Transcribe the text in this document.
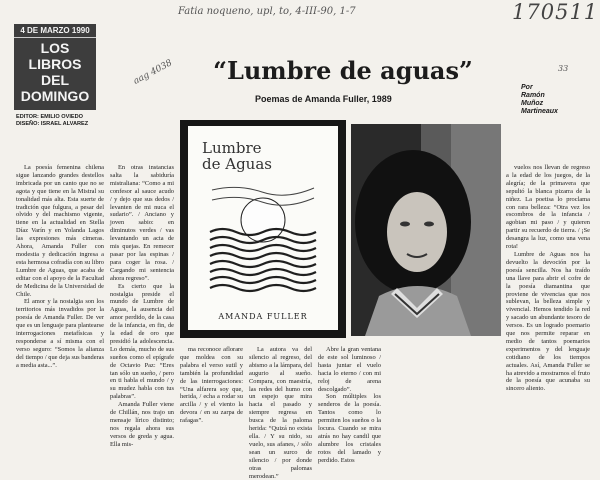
Fatia noqueno, upl, to, 4-III-90, 1-7	170511
aag 4038	33
4 DE MARZO 1990
LOS
LIBROS
DEL
DOMINGO
EDITOR: EMILIO OVIEDO
DISEÑO: ISRAEL ALVAREZ
“Lumbre de aguas”
Poemas de Amanda Fuller, 1989
Por
Ramón
Muñoz
Martineaux
Lumbre
de Aguas
AMANDA FULLER

La poesía femenina chilena sigue lanzando grandes destellos imbricada por un canto que no se agota y que tiene en la Mistral su tonalidad más alta. Esta suerte de tradición que fulgura, a pesar del olvido y del machismo vigente, tiene en la actualidad en Stella Díaz Varín y en Yolanda Lagos las expresiones más cimeras. Ahora, Amanda Fuller con modestia y dedicación ingresa a esta hermosa cofradía con su libro Lumbre de Aguas, que acaba de editar con el apoyo de la Facultad de Medicina de la Universidad de Chile.

El amor y la nostalgia son los territorios más invadidos por la poesía de Amanda Fuller. De ver que es un lenguaje para plantearse interrogaciones metafísicas y responderse a sí misma con el verso seguro: “Somos la alianza del tiempo / que deja sus banderas a media asta...”.

En otras instancias salta la sabiduría mistraliana: “Como a mi confesor al sauce acudo / y dejo que sus dedos / levanten de mi nuca el sudario”. / Anciano y joven sabio: en diminutos verdes / vas levantando un acta de mis quejas. En remecer pasar por las espinas / para coger la rosa. / Cargando mi sentencia ahora regreso”.

Es cierto que la nostalgia preside el mundo de Lumbre de Aguas, la ausencia del amor perdido, de la casa de la infancia, en fin, de la edad de oro que presidió la adolescencia. Lo demás, mucho de sus sueños como el epígrafe de Octavio Paz: “Eres tan sólo un sueño, / pero en ti habla el mundo / y su mudez habla con tus palabras”.

Amanda Fuller viene de Chillán, nos trajo un mensaje lírico distinto; nos regala ahora sus versos de greda y agua. Ella mis-

ma reconoce aflorare que moldea con su palabra el verso sutil y también la profundidad de las interrogaciones: “Una alfarera soy que, herida, / echa a rodar su arcilla / y el viento la devora / en su zarpa de rafagas”.

La autora va del silencio al regreso, del abismo a la lámpara, del augurio al sueño. Compara, con maestría, las redes del humo con un espejo que mira hacia el pasado y siempre regresa en busca de la paloma herida: “Quizá no exista ella. / Y su nido, su vuelo, sus afanes, / sólo sean un surco de silencio / por donde otras palomas merodean.”

Abre la gran ventana de este sol luminoso / hasta juntar el vuelo hacia lo eterno / con mi reloj de arena descolgado”.

Son múltiples los senderos de la poesía. Tantos como lo permiten los sueños o la locura. Cuando se mira atrás no hay candil que alumbre los cristales rotos del lamado y perdido. Estos

vuelos nos llevan de regreso a la edad de los juegos, de la alegría; de la primavera que sepultó la blanca pizarra de la niñez. La poetisa lo proclama con rara belleza: “Otra vez los escombros de la infancia / agobian mi paso / y quieren partir su recuerdo de tierra. / ¡Se desangra la luz, como una vena rota!

Lumbre de Aguas nos ha devuelto la devoción por la poesía sencilla. Nos ha traído una llave para abrir el cofre de la poesía diamantina que proviene de vivencias que nos sublevan, la belleza simple y vivencial. Hemos tendido la red y sacado un abundante tesoro de versos. Es un logrado poemario que nos permite reparar en medio de tantos poemarios experimentos y del lenguaje cotidiano de los tiempos actuales. Así, Amanda Fuller se ha atrevido a mostrarnos el fruto de la poesía que acunaba su sincero aliento.
